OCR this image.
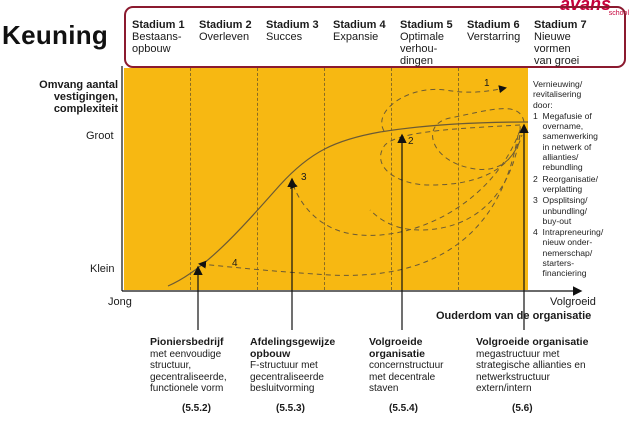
Keuning
avans
school
Stadium 1
Bestaans-
opbouw
Stadium 2
Overleven
Stadium 3
Succes
Stadium 4
Expansie
Stadium 5
Optimale
verhou-
dingen
Stadium 6
Verstarring
Stadium 7
Nieuwe
vormen
van groei
1
2
3
4
Omvang aantal
vestigingen,
complexiteit
Groot
Klein
Jong	Volgroeid
Ouderdom van de organisatie
Vernieuwing/
revitalisering
door:
1  Megafusie of
overname,
samenwerking
in netwerk of
allianties/
rebundling
2  Reorganisatie/
verplatting
3  Opsplitsing/
unbundling/
buy-out
4  Intrapreneuring/
nieuw onder-
nemerschap/
starters-
financiering
Pioniersbedrijf
met eenvoudige
structuur,
gecentraliseerde,
functionele vorm
(5.5.2)
Afdelingsgewijze
opbouw
F-structuur met
gecentraliseerde
besluitvorming
(5.5.3)
Volgroeide
organisatie
concernstructuur
met decentrale
staven
(5.5.4)
Volgroeide organisatie
megastructuur met
strategische allianties en
netwerkstructuur
extern/intern
(5.6)
